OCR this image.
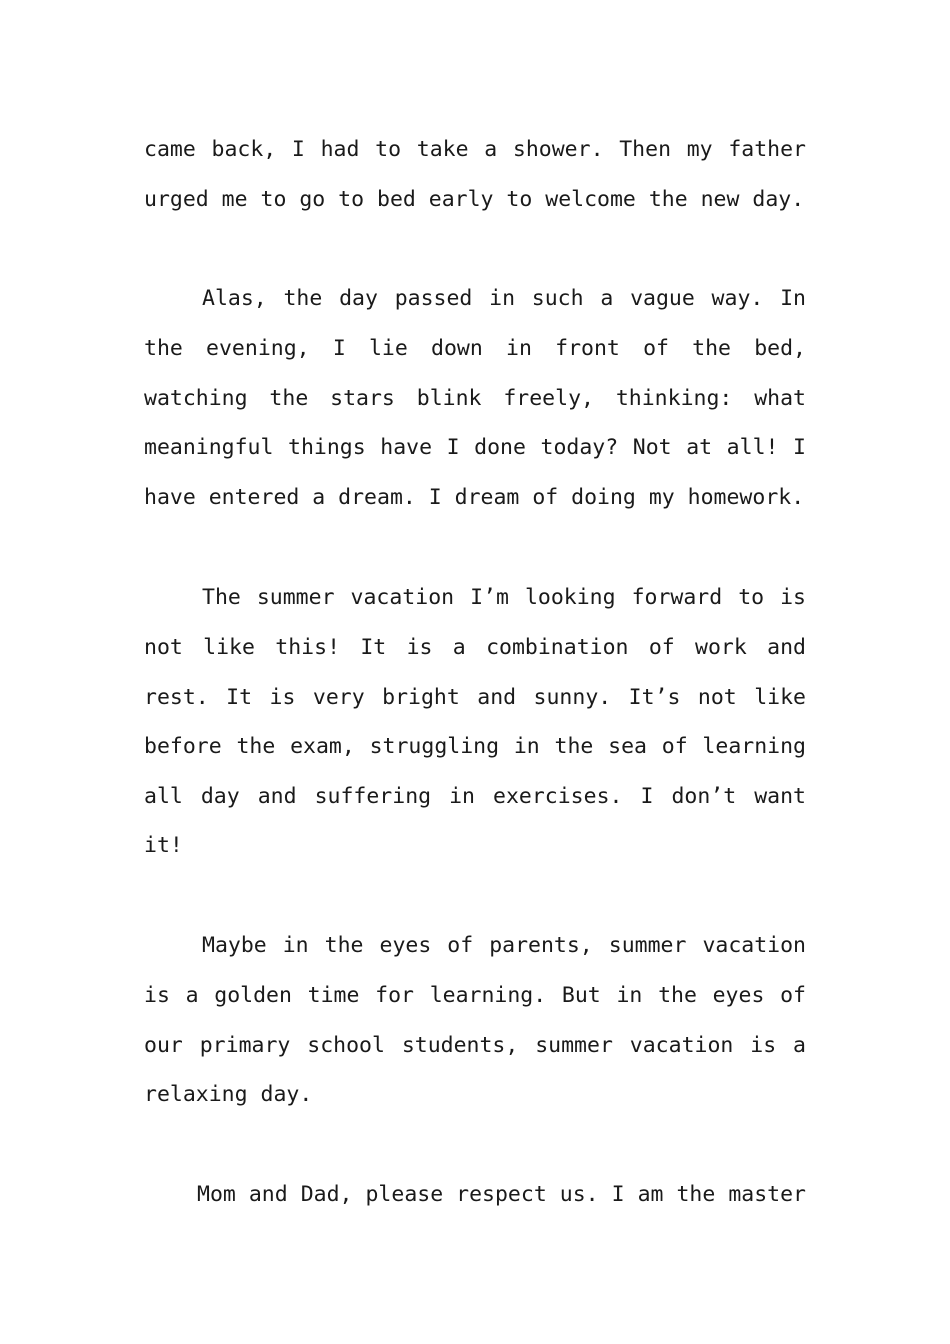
came back, I had to take a shower. Then my father
urged me to go to bed early to welcome the new day.
Alas, the day passed in such a vague way. In
the evening, I lie down in front of the bed,
watching the stars blink freely, thinking: what
meaningful things have I done today? Not at all! I
have entered a dream. I dream of doing my homework.
The summer vacation I’m looking forward to is
not like this! It is a combination of work and
rest. It is very bright and sunny. It’s not like
before the exam, struggling in the sea of learning
all day and suffering in exercises. I don’t want
it!
Maybe in the eyes of parents, summer vacation
is a golden time for learning. But in the eyes of
our primary school students, summer vacation is a
relaxing day.
Mom and Dad, please respect us. I am the master
